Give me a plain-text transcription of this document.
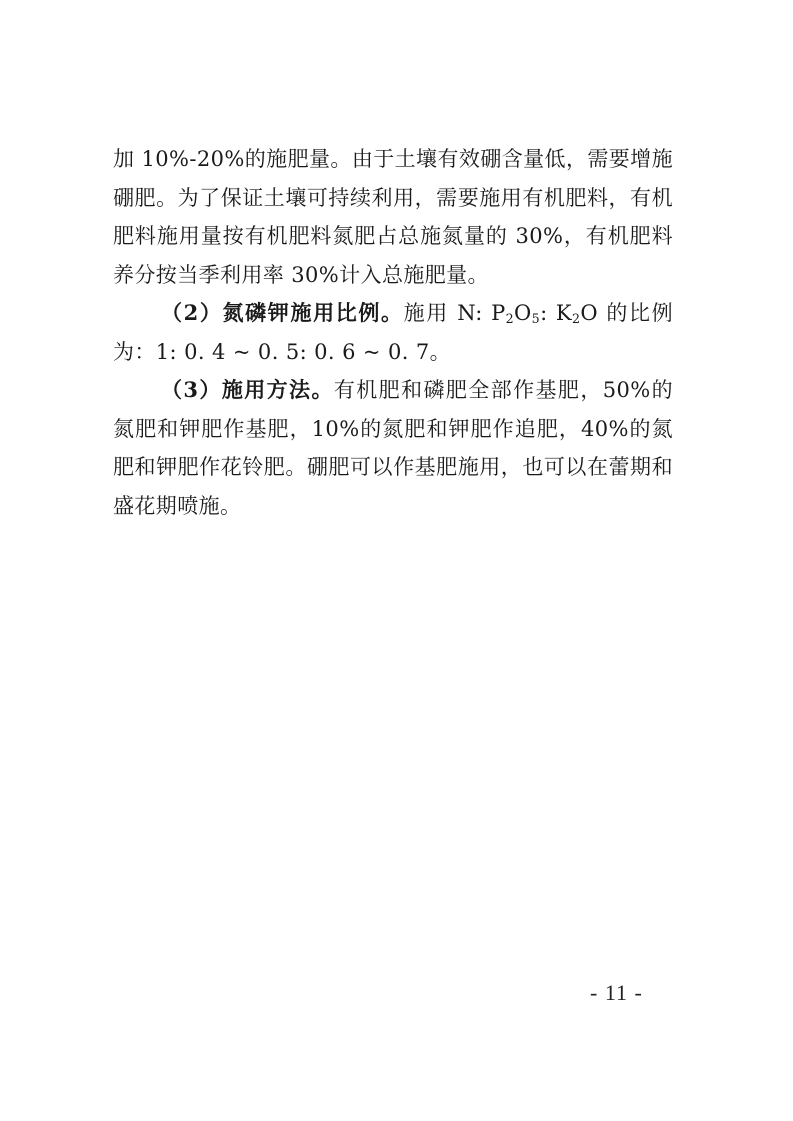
加 10%-20%的施肥量。由于土壤有效硼含量低，需要增施硼肥。为了保证土壤可持续利用，需要施用有机肥料，有机肥料施用量按有机肥料氮肥占总施氮量的 30%，有机肥料养分按当季利用率 30%计入总施肥量。

（2）氮磷钾施用比例。施用 N: $P_2O_5$: $K_2O$ 的比例为：1: 0. 4 ~ 0. 5: 0. 6 ~ 0. 7。

（3）施用方法。有机肥和磷肥全部作基肥，50%的氮肥和钾肥作基肥，10%的氮肥和钾肥作追肥，40%的氮肥和钾肥作花铃肥。硼肥可以作基肥施用，也可以在蕾期和盛花期喷施。

- 11 -
